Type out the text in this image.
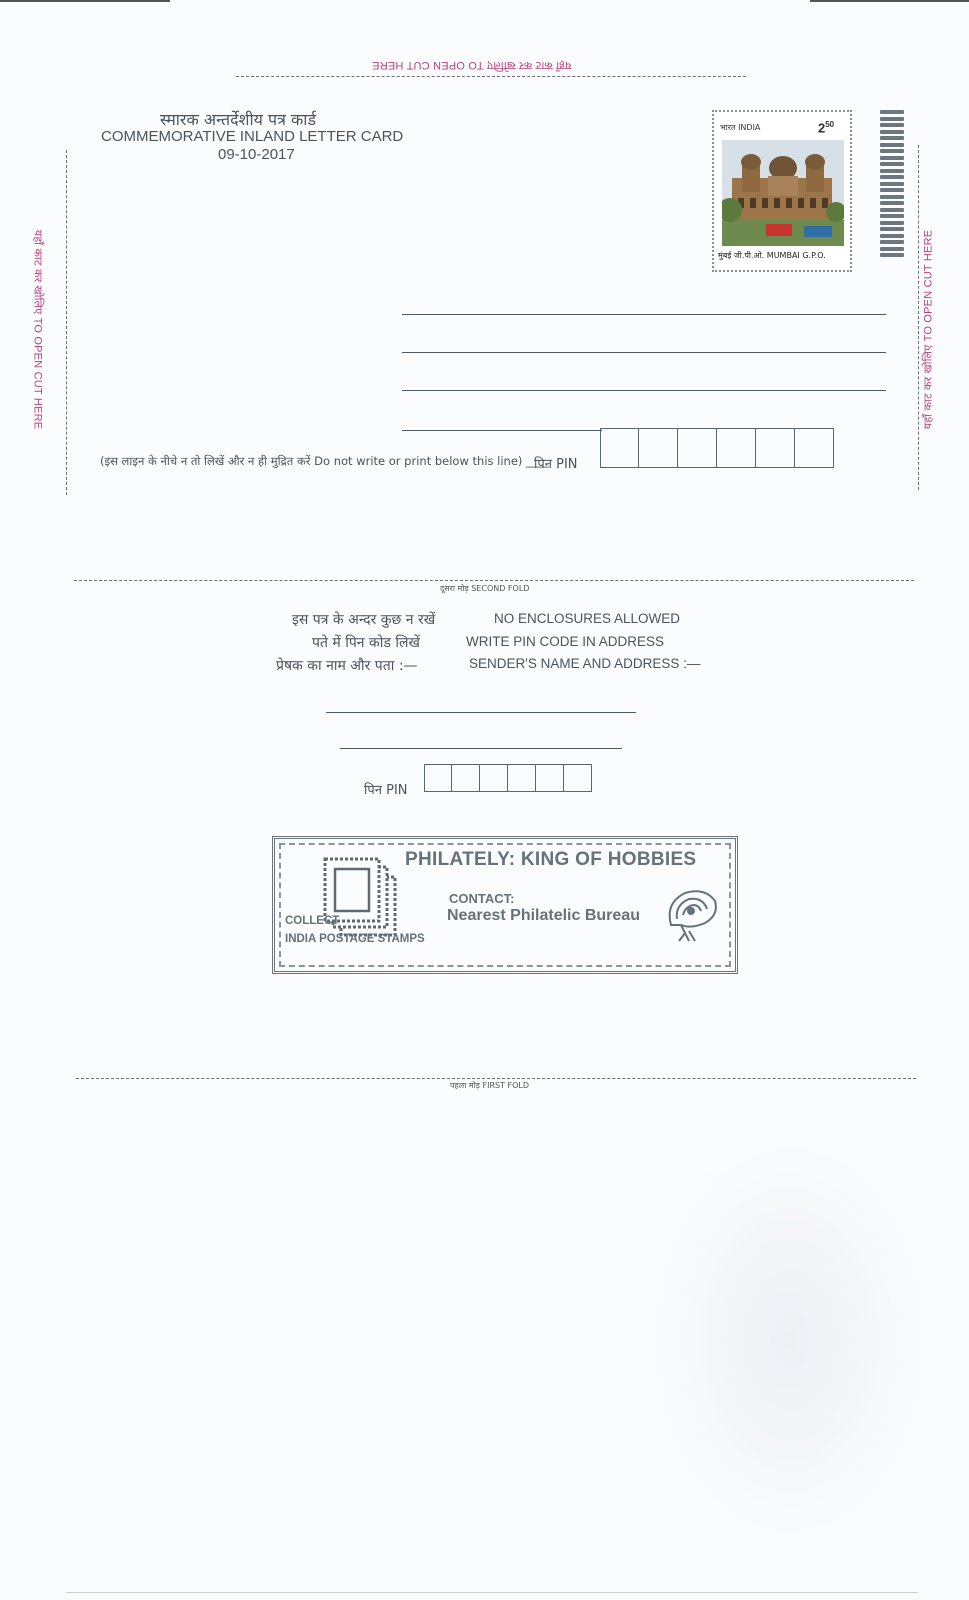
यहाँ काट कर खोलिए TO OPEN CUT HERE
यहाँ काट कर खोलिए TO OPEN CUT HERE	यहाँ काट कर खोलिए TO OPEN CUT HERE
स्मारक अन्तर्देशीय पत्र कार्ड
COMMEMORATIVE INLAND LETTER CARD
09-10-2017
भारत INDIA	$2^{50}$
मुंबई जी.पी.ओ. MUMBAI G.P.O.
(इस लाइन के नीचे न तो लिखें और न ही मुद्रित करें Do not write or print below this line) ____
पिन PIN
दूसरा मोड़ SECOND FOLD
इस पत्र के अन्दर कुछ न रखें	NO ENCLOSURES ALLOWED
पते में पिन कोड लिखें	WRITE PIN CODE IN ADDRESS
प्रेषक का नाम और पता :—	SENDER'S NAME AND ADDRESS :—
पिन PIN
PHILATELY: KING OF HOBBIES
CONTACT:
Nearest Philatelic Bureau
COLLECT
INDIA POSTAGE STAMPS
पहला मोड़ FIRST FOLD
